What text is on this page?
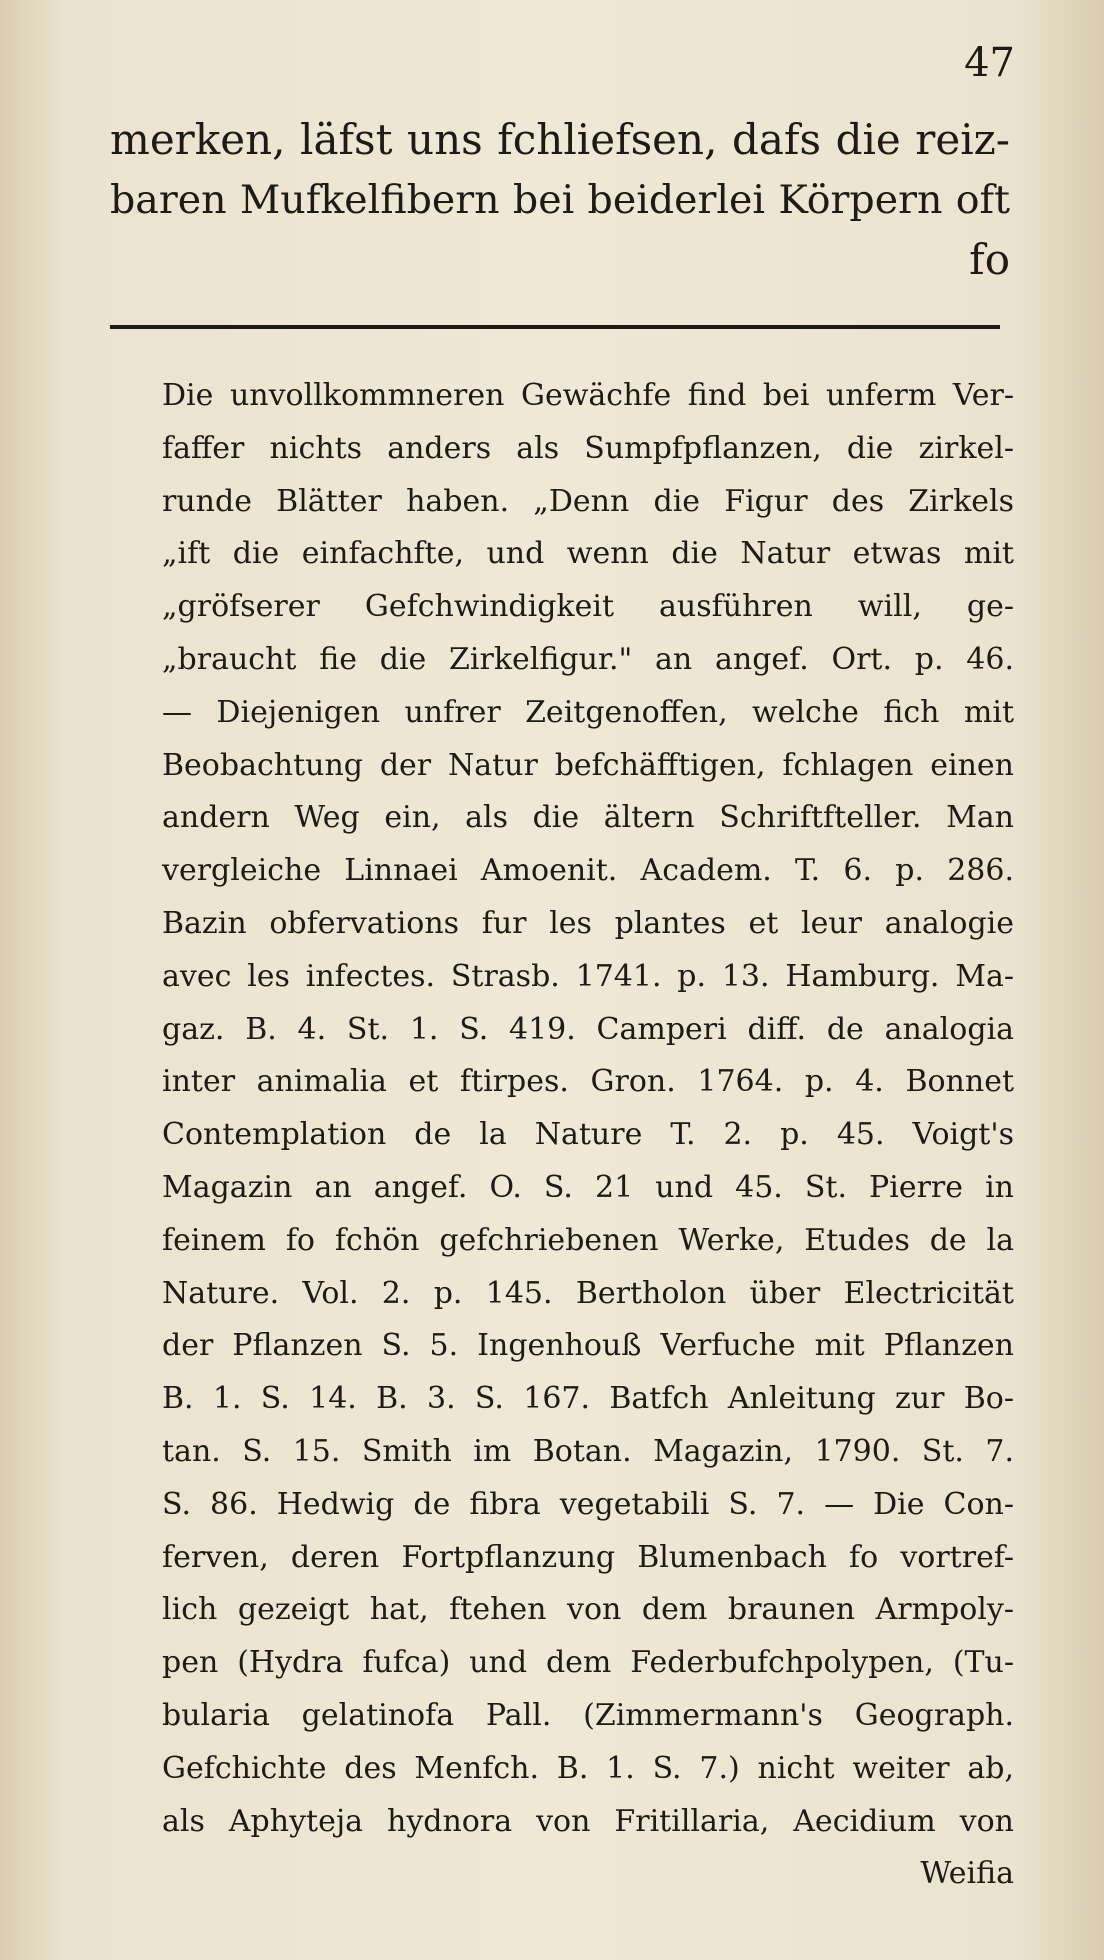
47
merken, läfst uns fchliefsen, dafs die reiz-
baren Mufkelfibern bei beiderlei Körpern oft
fo
Die unvollkommneren Gewächfe find bei unferm Ver-
faffer nichts anders als Sumpfpflanzen, die zirkel-
runde Blätter haben. „Denn die Figur des Zirkels
„ift die einfachfte, und wenn die Natur etwas mit
„gröfserer Gefchwindigkeit ausführen will, ge-
„braucht fie die Zirkelfigur." an angef. Ort. p. 46.
— Diejenigen unfrer Zeitgenoffen, welche fich mit
Beobachtung der Natur befchäfftigen, fchlagen einen
andern Weg ein, als die ältern Schriftfteller. Man
vergleiche Linnaei Amoenit. Academ. T. 6. p. 286.
Bazin obfervations fur les plantes et leur analogie
avec les infectes. Strasb. 1741. p. 13. Hamburg. Ma-
gaz. B. 4. St. 1. S. 419. Camperi diff. de analogia
inter animalia et ftirpes. Gron. 1764. p. 4. Bonnet
Contemplation de la Nature T. 2. p. 45. Voigt's
Magazin an angef. O. S. 21 und 45. St. Pierre in
feinem fo fchön gefchriebenen Werke, Etudes de la
Nature. Vol. 2. p. 145. Bertholon über Electricität
der Pflanzen S. 5. Ingenhouß Verfuche mit Pflanzen
B. 1. S. 14. B. 3. S. 167. Batfch Anleitung zur Bo-
tan. S. 15. Smith im Botan. Magazin, 1790. St. 7.
S. 86. Hedwig de fibra vegetabili S. 7. — Die Con-
ferven, deren Fortpflanzung Blumenbach fo vortref-
lich gezeigt hat, ftehen von dem braunen Armpoly-
pen (Hydra fufca) und dem Federbufchpolypen, (Tu-
bularia gelatinofa Pall. (Zimmermann's Geograph.
Gefchichte des Menfch. B. 1. S. 7.) nicht weiter ab,
als Aphyteja hydnora von Fritillaria, Aecidium von
Weifia
